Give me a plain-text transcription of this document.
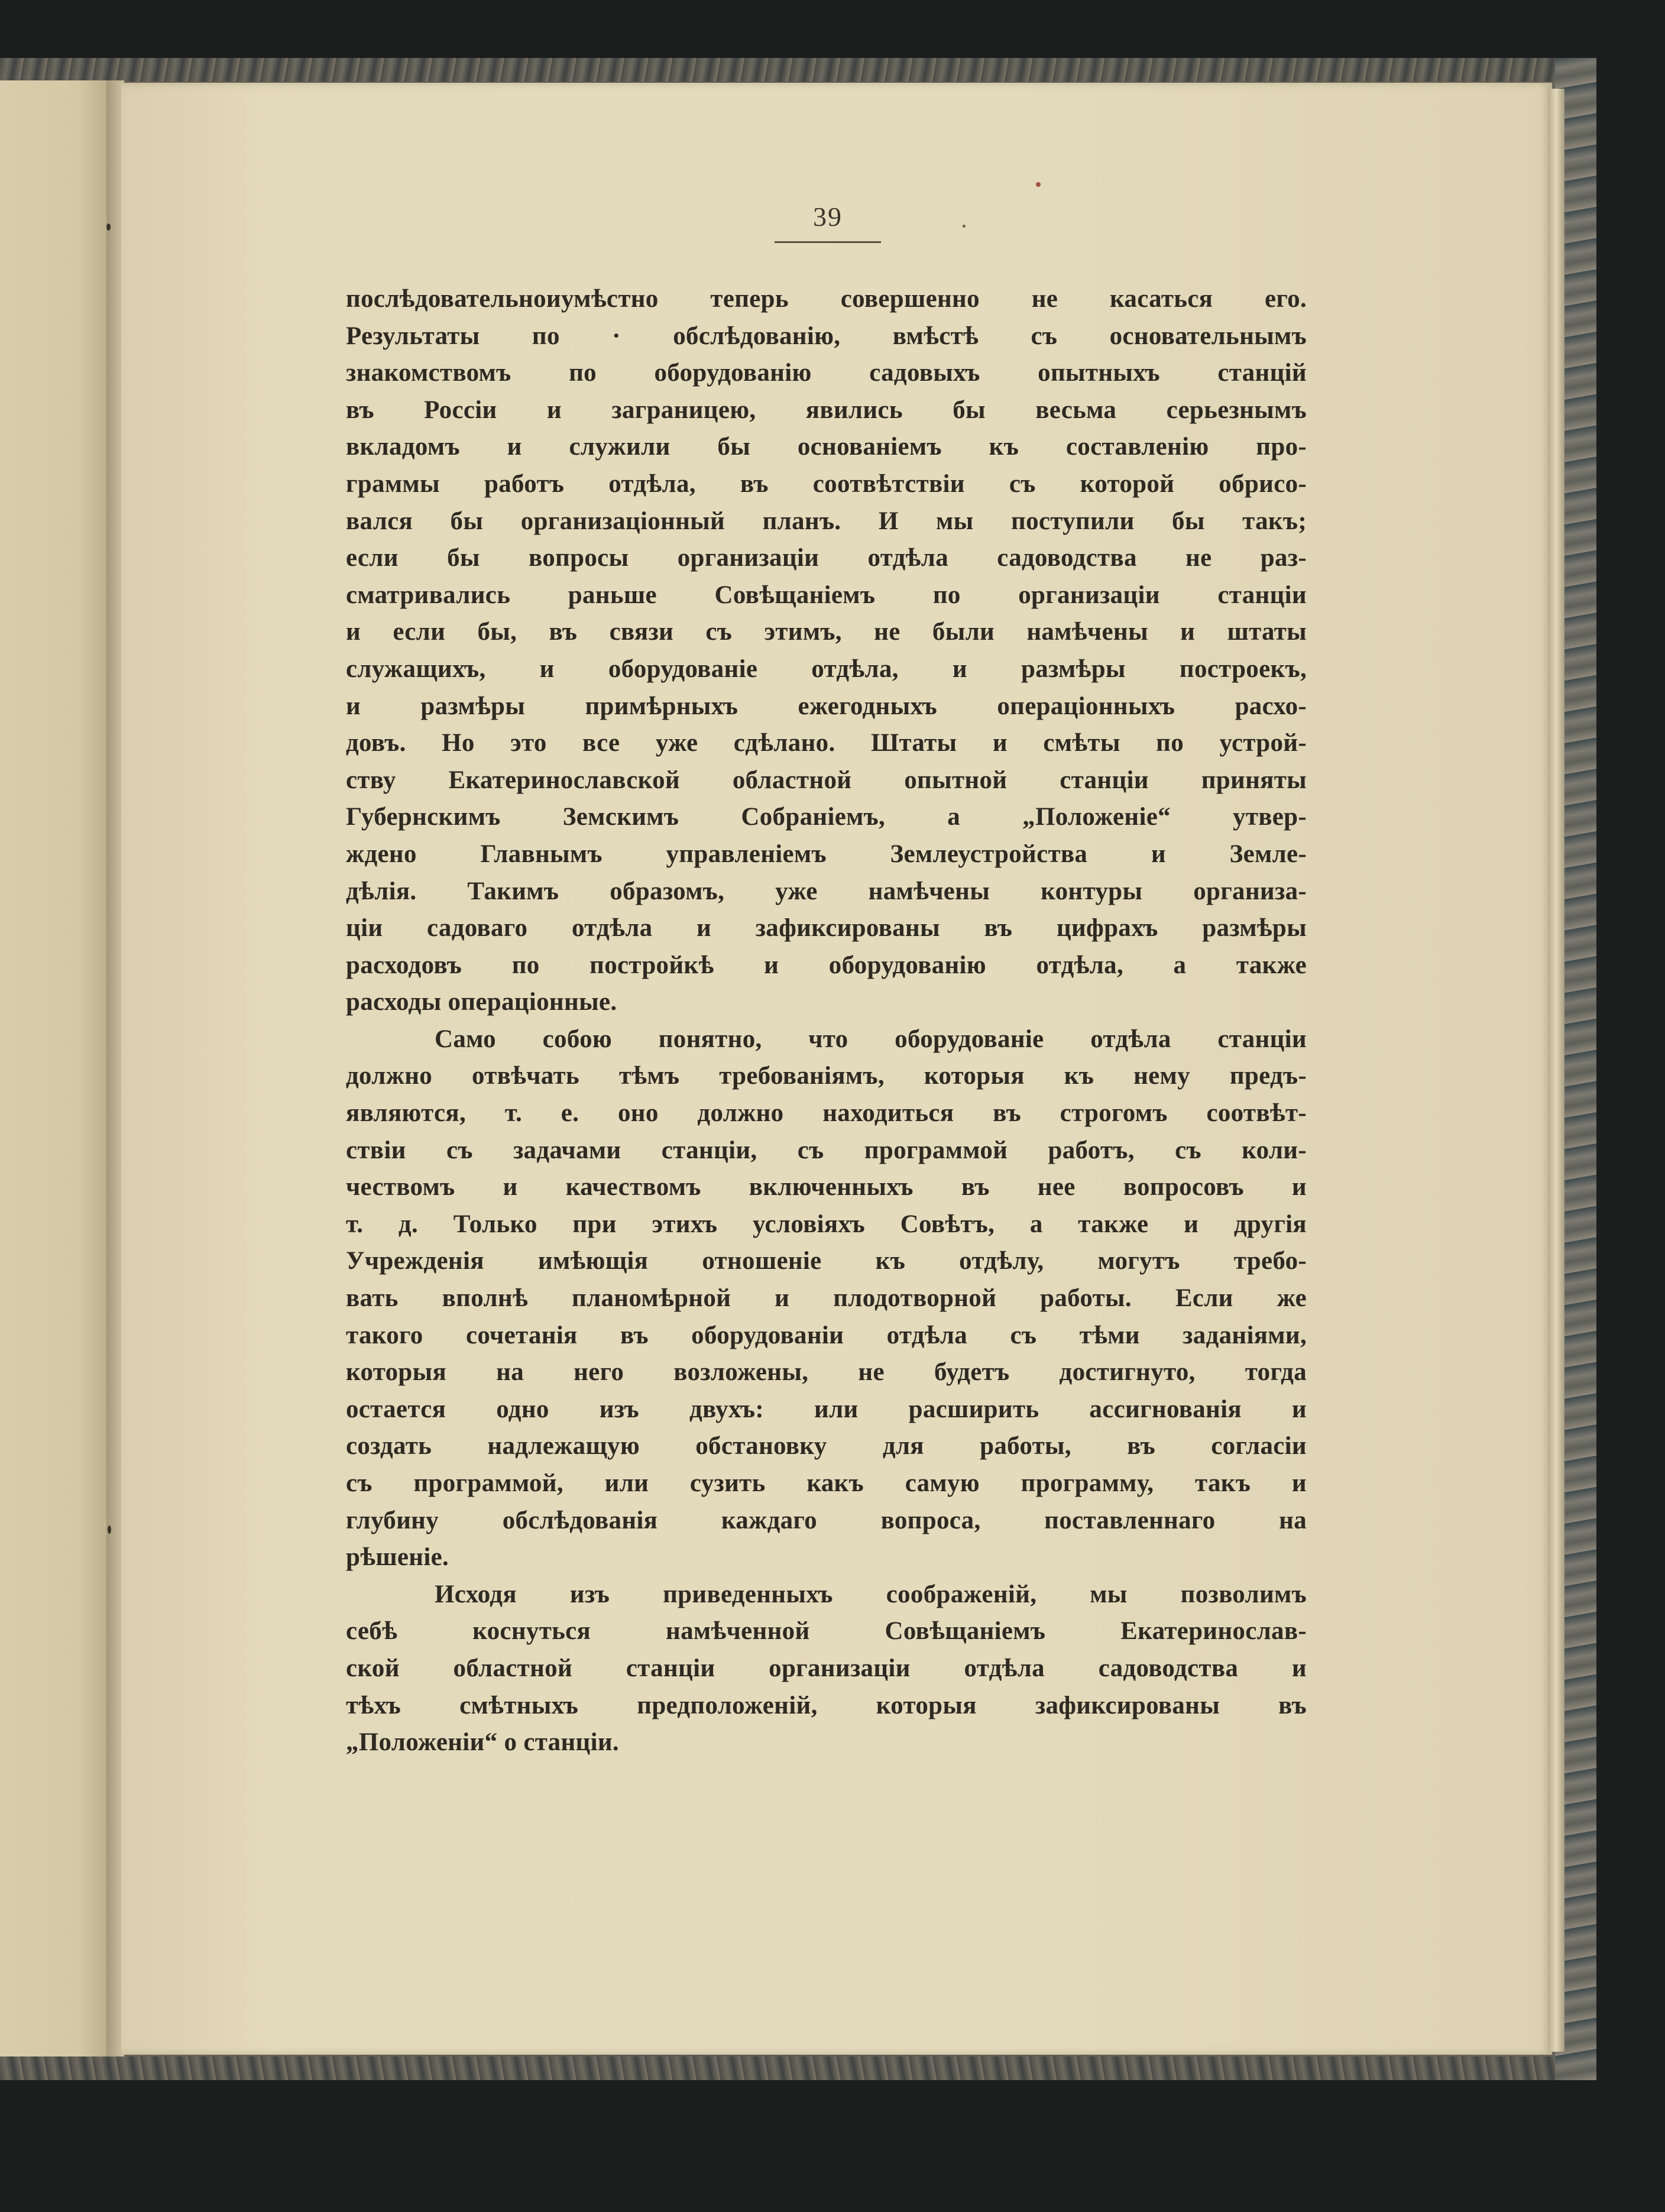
39
послѣдовательноиумѣстно теперь совершенно не касаться его.
Результаты по · обслѣдованію, вмѣстѣ съ основательнымъ
знакомствомъ по оборудованію садовыхъ опытныхъ станцій
въ Россіи и заграницею, явились бы весьма серьезнымъ
вкладомъ и служили бы основаніемъ къ составленію про-
граммы работъ отдѣла, въ соотвѣтствіи съ которой обрисо-
вался бы организаціонный планъ. И мы поступили бы такъ;
если бы вопросы организаціи отдѣла садоводства не раз-
сматривались раньше Совѣщаніемъ по организаціи станціи
и если бы, въ связи съ этимъ, не были намѣчены и штаты
служащихъ, и оборудованіе отдѣла, и размѣры построекъ,
и размѣры примѣрныхъ ежегодныхъ операціонныхъ расхо-
довъ. Но это все уже сдѣлано. Штаты и смѣты по устрой-
ству Екатеринославской областной опытной станціи приняты
Губернскимъ Земскимъ Собраніемъ, а „Положеніе“ утвер-
ждено Главнымъ управленіемъ Землеустройства и Земле-
дѣлія. Такимъ образомъ, уже намѣчены контуры организа-
ціи садоваго отдѣла и зафиксированы въ цифрахъ размѣры
расходовъ по постройкѣ и оборудованію отдѣла, а также
расходы операціонные.
Само собою понятно, что оборудованіе отдѣла станціи
должно отвѣчать тѣмъ требованіямъ, которыя къ нему предъ-
являются, т. е. оно должно находиться въ строгомъ соотвѣт-
ствіи съ задачами станціи, съ программой работъ, съ коли-
чествомъ и качествомъ включенныхъ въ нее вопросовъ и
т. д. Только при этихъ условіяхъ Совѣтъ, а также и другія
Учрежденія имѣющія отношеніе къ отдѣлу, могутъ требо-
вать вполнѣ планомѣрной и плодотворной работы. Если же
такого сочетанія въ оборудованіи отдѣла съ тѣми заданіями,
которыя на него возложены, не будетъ достигнуто, тогда
остается одно изъ двухъ: или расширить ассигнованія и
создать надлежащую обстановку для работы, въ согласіи
съ программой, или сузить какъ самую программу, такъ и
глубину обслѣдованія каждаго вопроса, поставленнаго на
рѣшеніе.
Исходя изъ приведенныхъ соображеній, мы позволимъ
себѣ коснуться намѣченной Совѣщаніемъ Екатеринослав-
ской областной станціи организаціи отдѣла садоводства и
тѣхъ смѣтныхъ предположеній, которыя зафиксированы въ
„Положеніи“ о станціи.
